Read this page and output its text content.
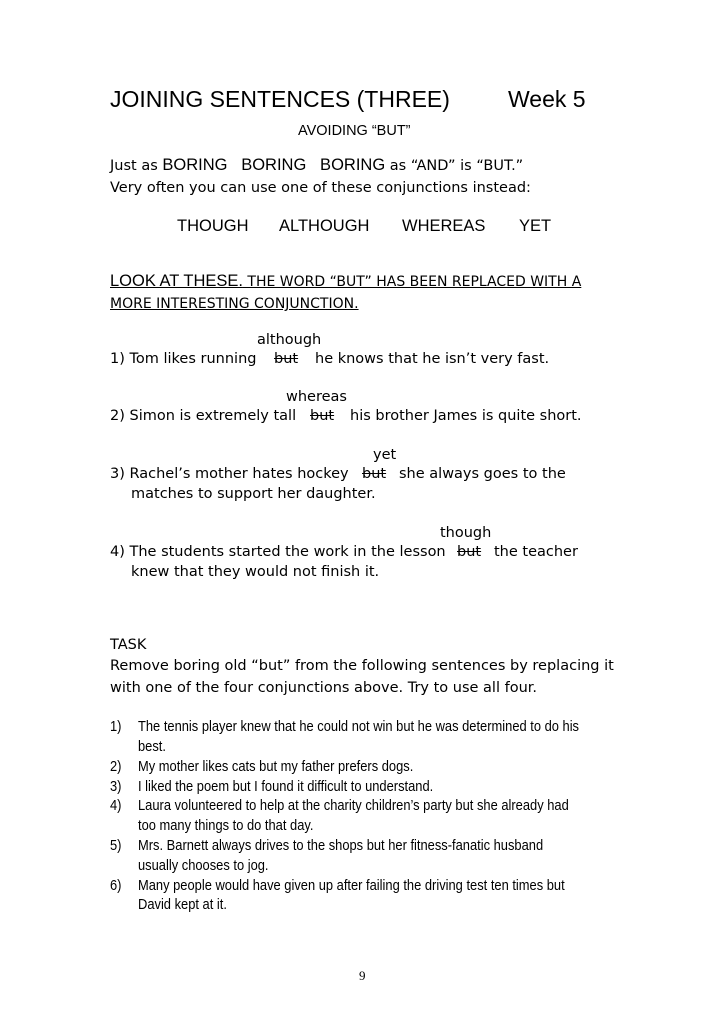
JOINING SENTENCES (THREE)	Week 5
AVOIDING “BUT”
Just as BORING   BORING   BORING as “AND” is “BUT.”
Very often you can use one of these conjunctions instead:
THOUGH ALTHOUGH WHEREAS YET
LOOK AT THESE. THE WORD “BUT” HAS BEEN REPLACED WITH A
MORE INTERESTING CONJUNCTION.
although
1) Tom likes running but he knows that he isn’t very fast.
whereas
2) Simon is extremely tall but his brother James is quite short.
yet
3) Rachel’s mother hates hockey but she always goes to the
matches to support her daughter.
though
4) The students started the work in the lesson but the teacher
knew that they would not finish it.
TASK
Remove boring old “but” from the following sentences by replacing it
with one of the four conjunctions above. Try to use all four.
1) The tennis player knew that he could not win but he was determined to do his
best.
2) My mother likes cats but my father prefers dogs.
3) I liked the poem but I found it difficult to understand.
4) Laura volunteered to help at the charity children’s party but she already had
too many things to do that day.
5) Mrs. Barnett always drives to the shops but her fitness-fanatic husband
usually chooses to jog.
6) Many people would have given up after failing the driving test ten times but
David kept at it.
9
